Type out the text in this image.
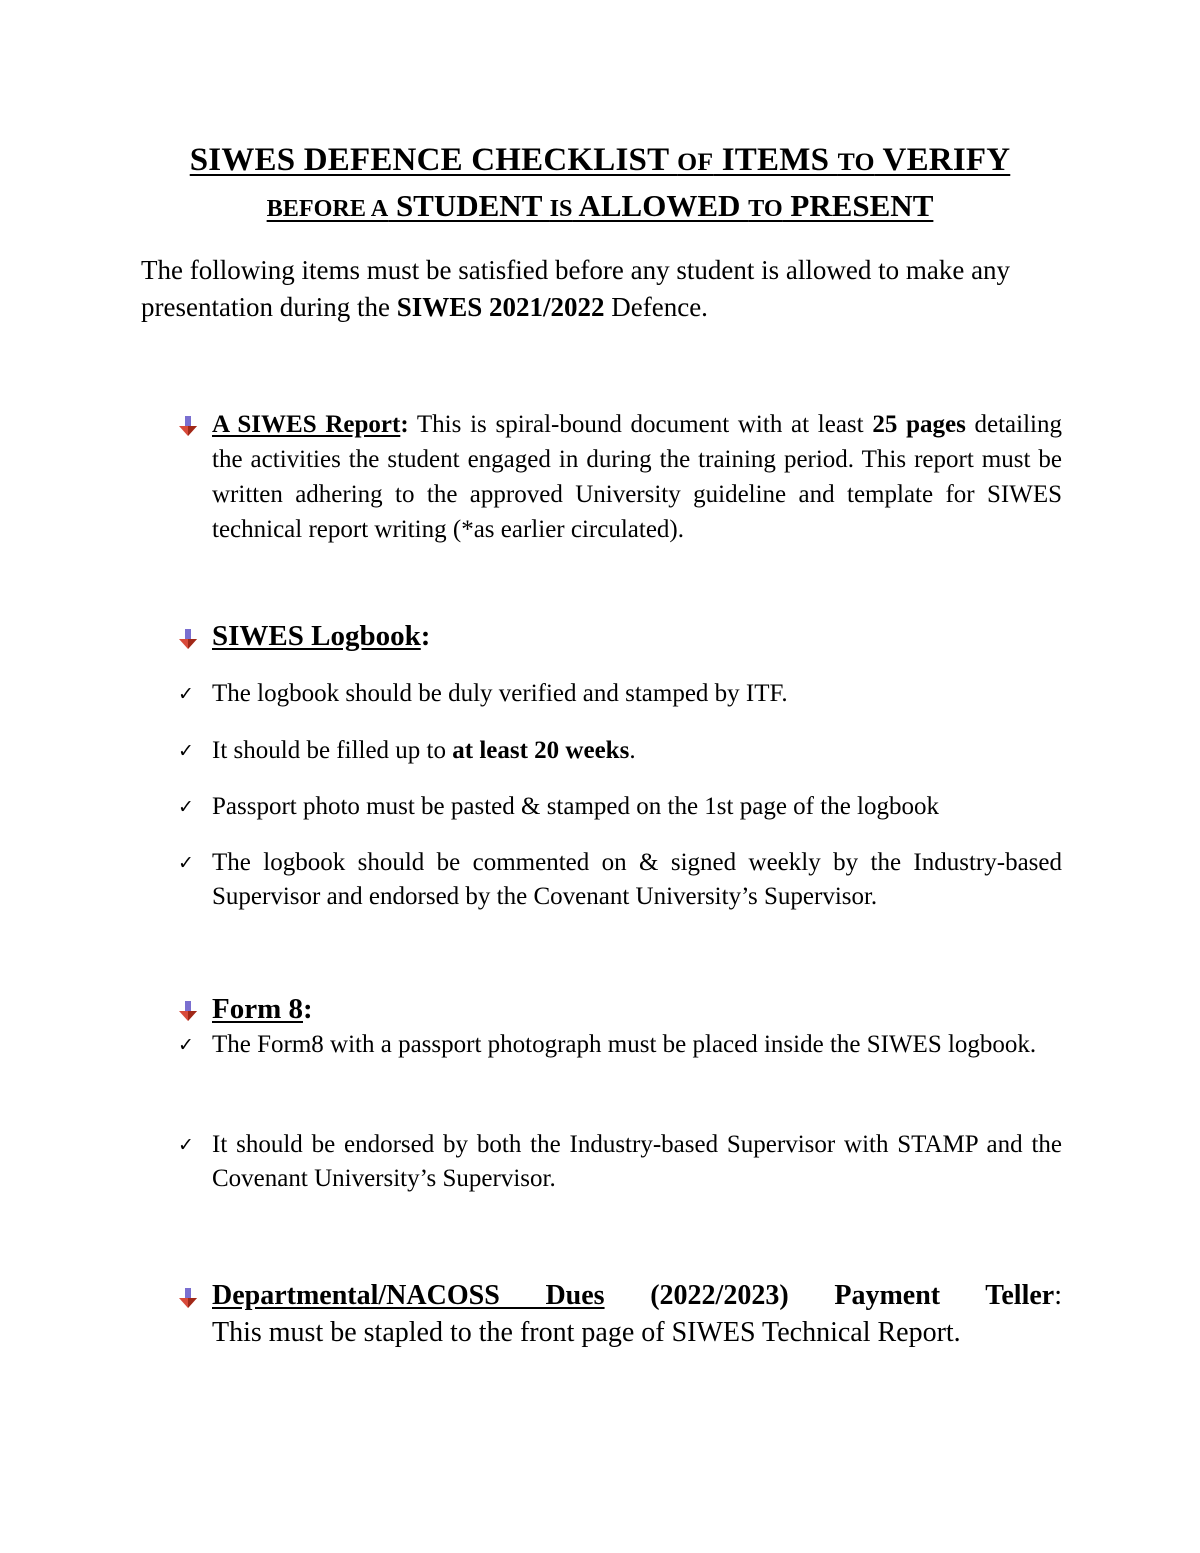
SIWES DEFENCE CHECKLIST OF ITEMS TO VERIFY
BEFORE A STUDENT IS ALLOWED TO PRESENT
The following items must be satisfied before any student is allowed to make any presentation during the SIWES 2021/2022 Defence.
A SIWES Report: This is spiral-bound document with at least 25 pages detailing the activities the student engaged in during the training period. This report must be written adhering to the approved University guideline and template for SIWES technical report writing (*as earlier circulated).
SIWES Logbook:
✓ The logbook should be duly verified and stamped by ITF.
✓ It should be filled up to at least 20 weeks.
✓ Passport photo must be pasted & stamped on the 1st page of the logbook
✓ The logbook should be commented on & signed weekly by the Industry-based Supervisor and endorsed by the Covenant University’s Supervisor.
Form 8:
✓ The Form8 with a passport photograph must be placed inside the SIWES logbook.
✓ It should be endorsed by both the Industry-based Supervisor with STAMP and the Covenant University’s Supervisor.
Departmental/NACOSS Dues (2022/2023) Payment Teller:
This must be stapled to the front page of SIWES Technical Report.
